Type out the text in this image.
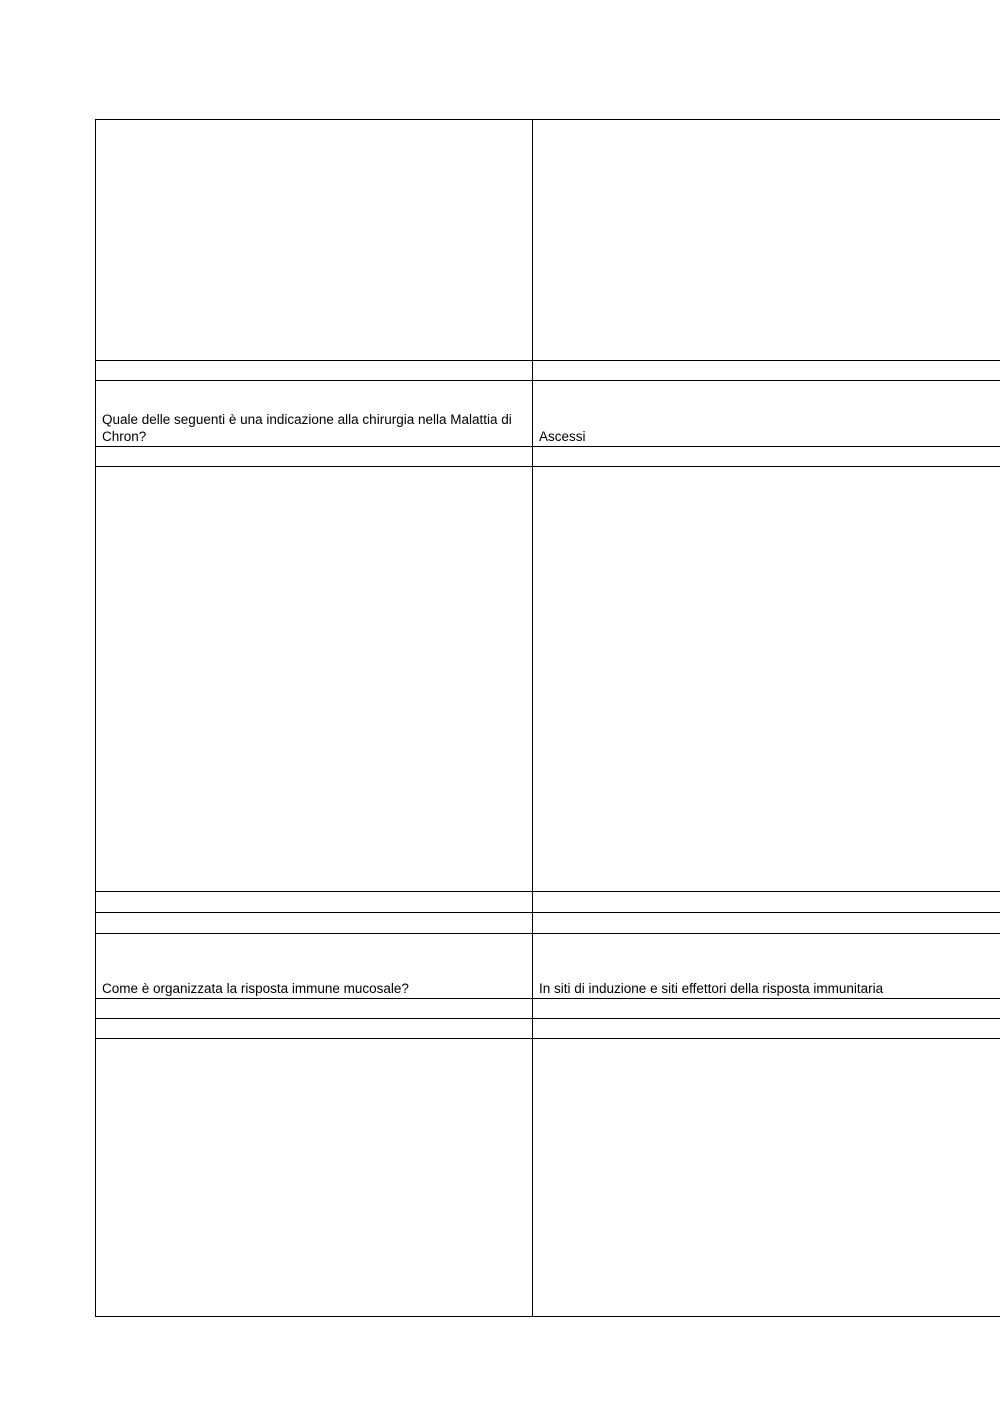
Quale delle seguenti è una indicazione alla chirurgia nella Malattia di Chron?	Ascessi

Come è organizzata la risposta immune mucosale?	In siti di induzione e siti effettori della risposta immunitaria
